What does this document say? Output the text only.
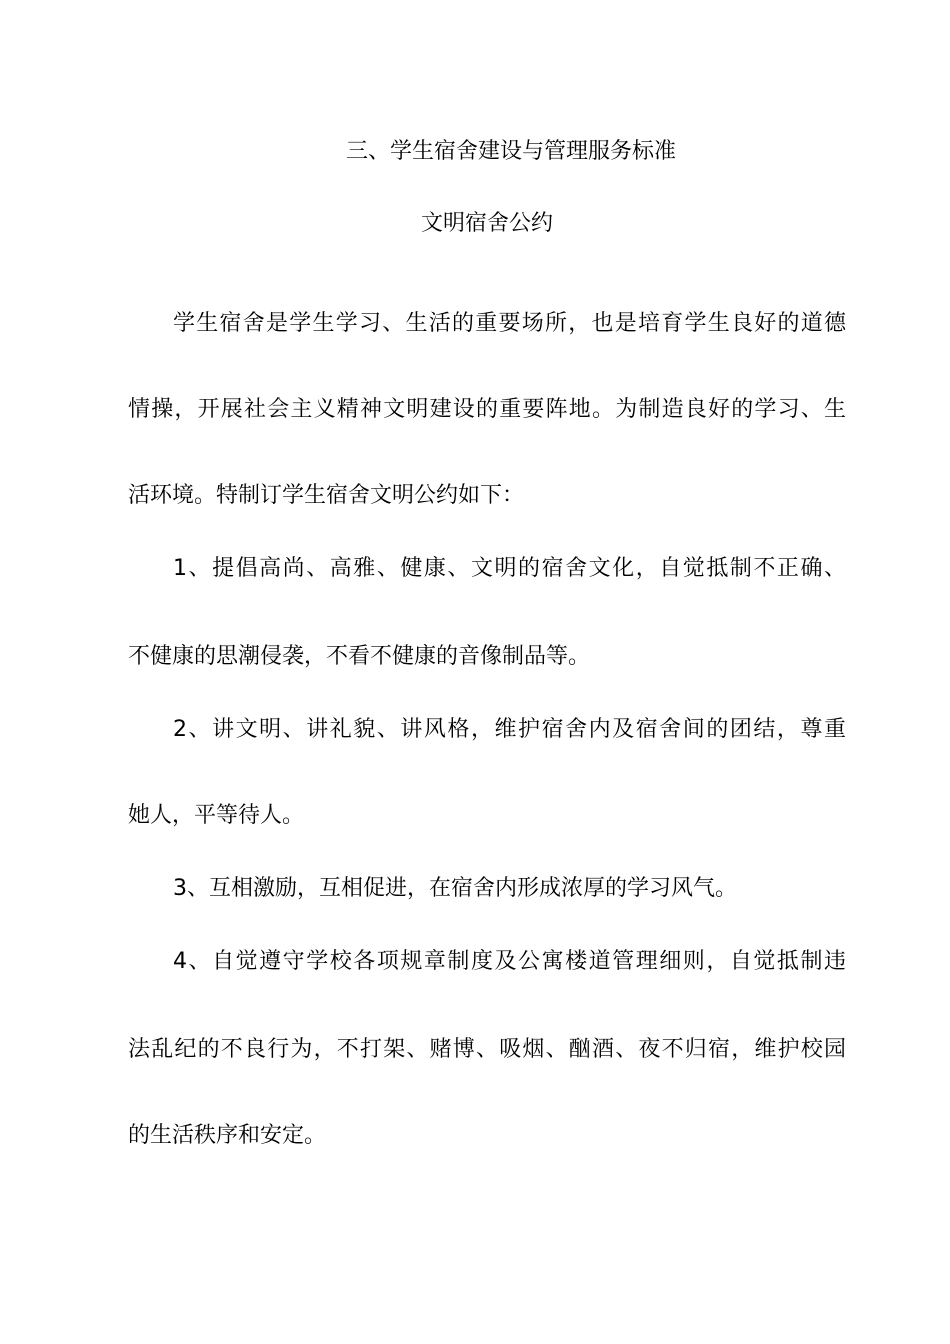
三、学生宿舍建设与管理服务标准
文明宿舍公约
学生宿舍是学生学习、生活的重要场所，也是培育学生良好的道德
情操，开展社会主义精神文明建设的重要阵地。为制造良好的学习、生
活环境。特制订学生宿舍文明公约如下：
1、提倡高尚、高雅、健康、文明的宿舍文化，自觉抵制不正确、
不健康的思潮侵袭，不看不健康的音像制品等。
2、讲文明、讲礼貌、讲风格，维护宿舍内及宿舍间的团结，尊重
她人，平等待人。
3、互相激励，互相促进，在宿舍内形成浓厚的学习风气。
4、自觉遵守学校各项规章制度及公寓楼道管理细则，自觉抵制违
法乱纪的不良行为，不打架、赌博、吸烟、酗酒、夜不归宿，维护校园
的生活秩序和安定。
